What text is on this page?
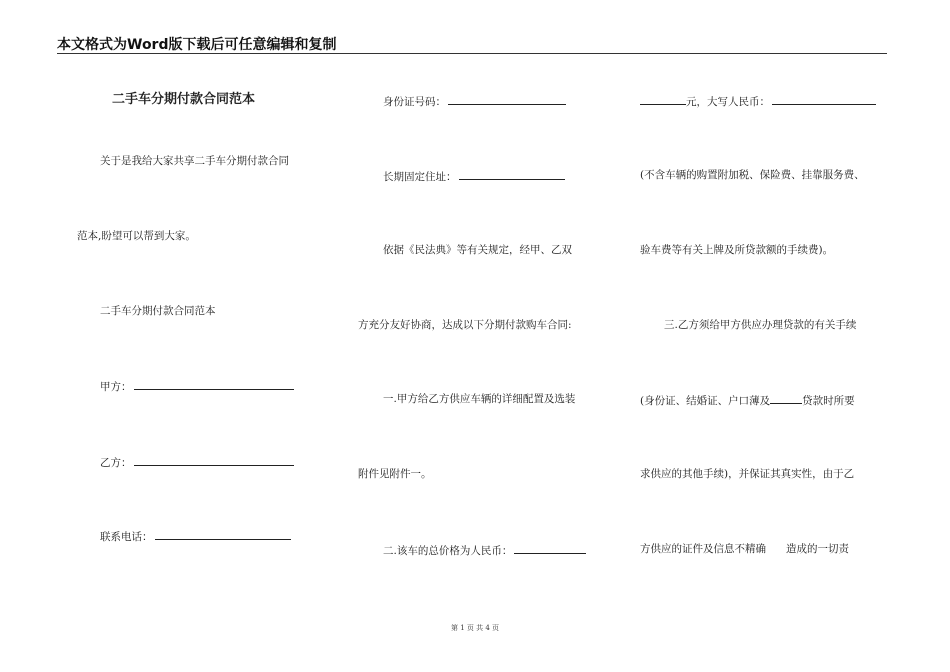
本文格式为Word版下载后可任意编辑和复制
二手车分期付款合同范本
关于是我给大家共享二手车分期付款合同
范本,盼望可以帮到大家。
二手车分期付款合同范本
甲方：
乙方：
联系电话：
身份证号码：
长期固定住址：
依据《民法典》等有关规定，经甲、乙双
方充分友好协商，达成以下分期付款购车合同:
一.甲方给乙方供应车辆的详细配置及选装
附件见附件一。
二.该车的总价格为人民币：
元，大写人民币：
(不含车辆的购置附加税、保险费、挂靠服务费、
验车费等有关上牌及所贷款额的手续费)。
三.乙方须给甲方供应办理贷款的有关手续
(身份证、结婚证、户口薄及	贷款时所要
求供应的其他手续)，并保证其真实性，由于乙
方供应的证件及信息不精确      造成的一切责
第 1 页 共 4 页
